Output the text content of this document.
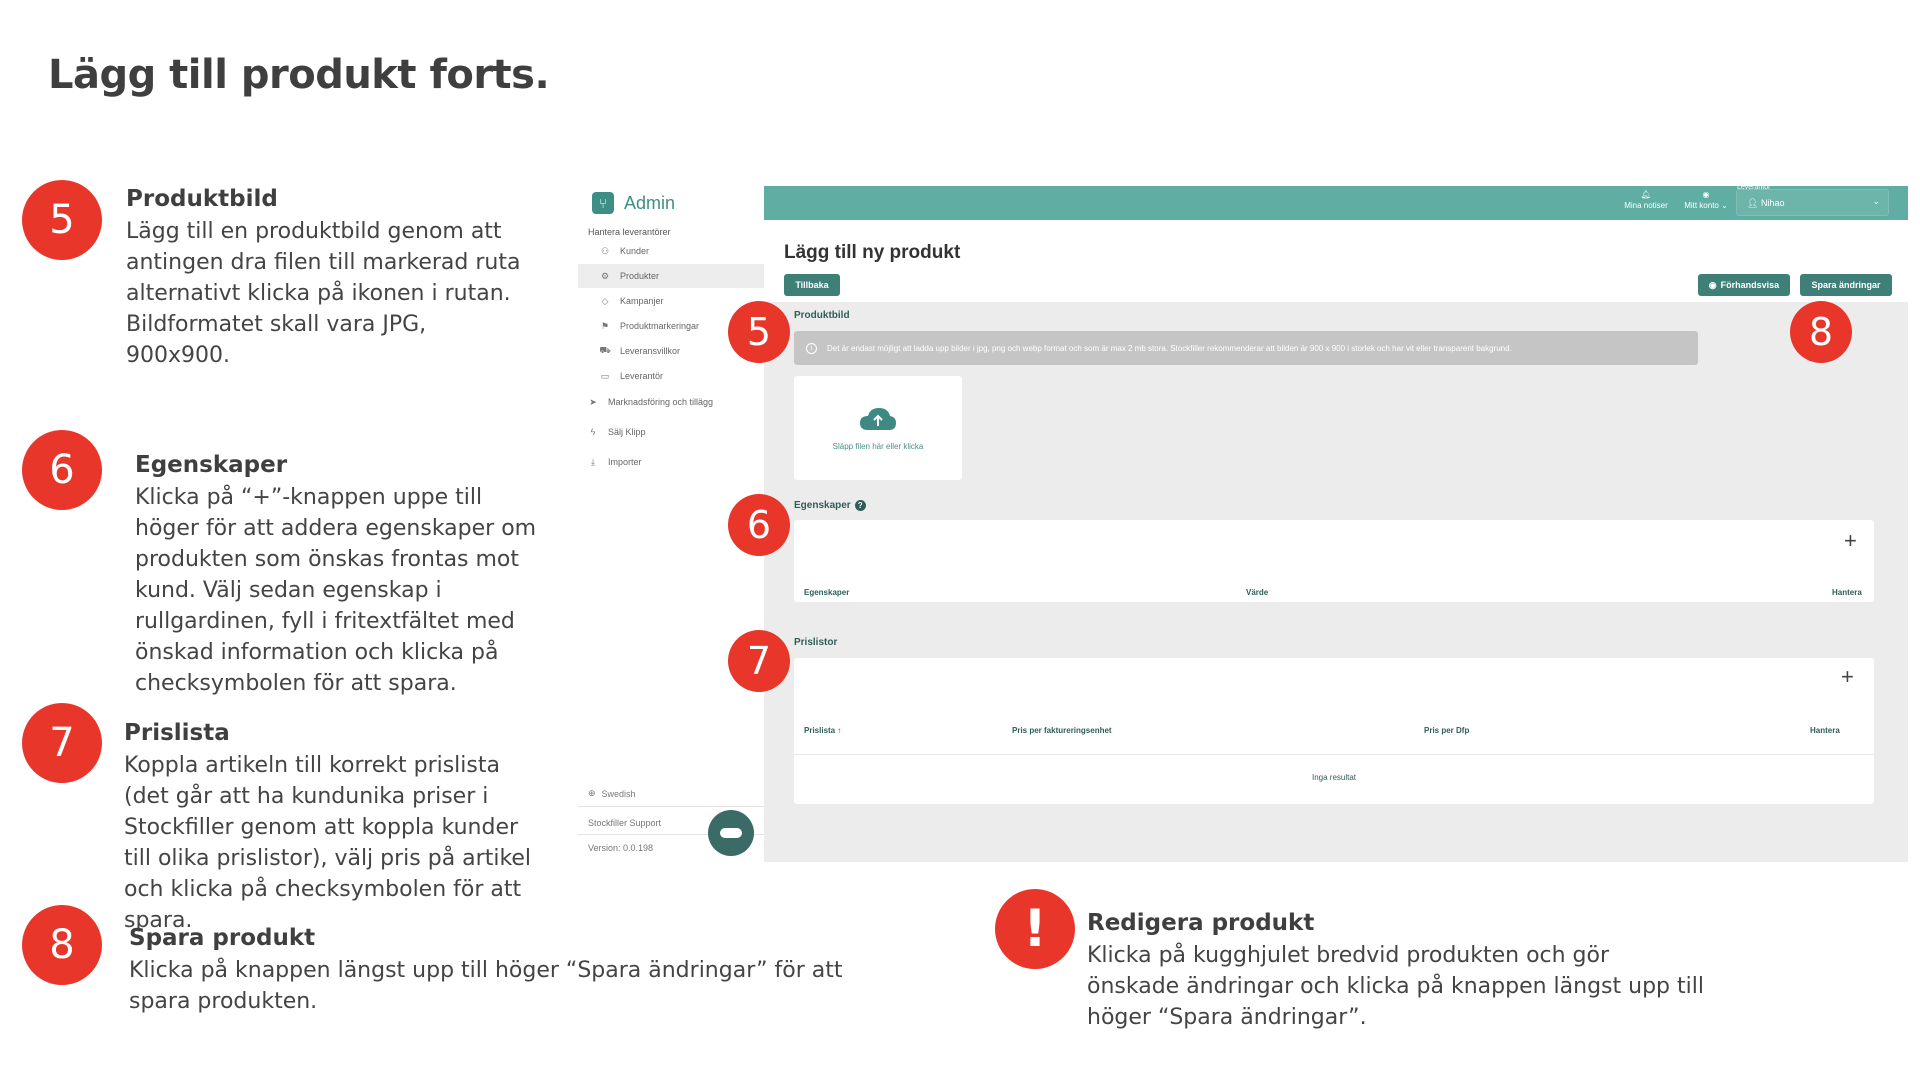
Lägg till produkt forts.
5	Produktbild

Lägg till en produktbild genom att antingen dra filen till markerad ruta alternativt klicka på ikonen i rutan. Bildformatet skall vara JPG, 900x900.

6	Egenskaper

Klicka på “+”-knappen uppe till höger för att addera egenskaper om produkten som önskas frontas mot kund. Välj sedan egenskap i rullgardinen, fyll i fritextfältet med önskad information och klicka på checksymbolen för att spara.

7	Prislista

Koppla artikeln till korrekt prislista (det går att ha kundunika priser i Stockfiller genom att koppla kunder till olika prislistor), välj pris på artikel och klicka på checksymbolen för att spara.

8	Spara produkt

Klicka på knappen längst upp till höger “Spara ändringar” för att spara produkten.

!	Redigera produkt

Klicka på kugghjulet bredvid produkten och gör önskade ändringar och klicka på knappen längst upp till höger “Spara ändringar”.

⑂ Admin
Hantera leverantörer
⚇	Kunder
⚙	Produkter
◇	Kampanjer
⚑	Produktmarkeringar
⛟ Leveransvillkor
▭	Leverantör
➤	Marknadsföring och tillägg
ϟ	Sälj Klipp
⤓	Importer
⊕ Swedish
Stockfiller Support
Version: 0.0.198
🔔︎
Mina notiser
◉
Mitt konto ⌄
Leverantör
👤︎ Nihao	⌄
Lägg till ny produkt
Tillbaka	◉ Förhandsvisa	Spara ändringar
Produktbild
i	Det är endast möjligt att ladda upp bilder i jpg, png och webp format och som är max 2 mb stora. Stockfiller rekommenderar att bilden är 900 x 900 i storlek och har vit eller transparent bakgrund.
Släpp filen här eller klicka
Egenskaper ?
+
Egenskaper	Värde	Hantera
Prislistor
+
Prislista ↑	Pris per faktureringsenhet	Pris per Dfp	Hantera
Inga resultat
5
6
7
8
